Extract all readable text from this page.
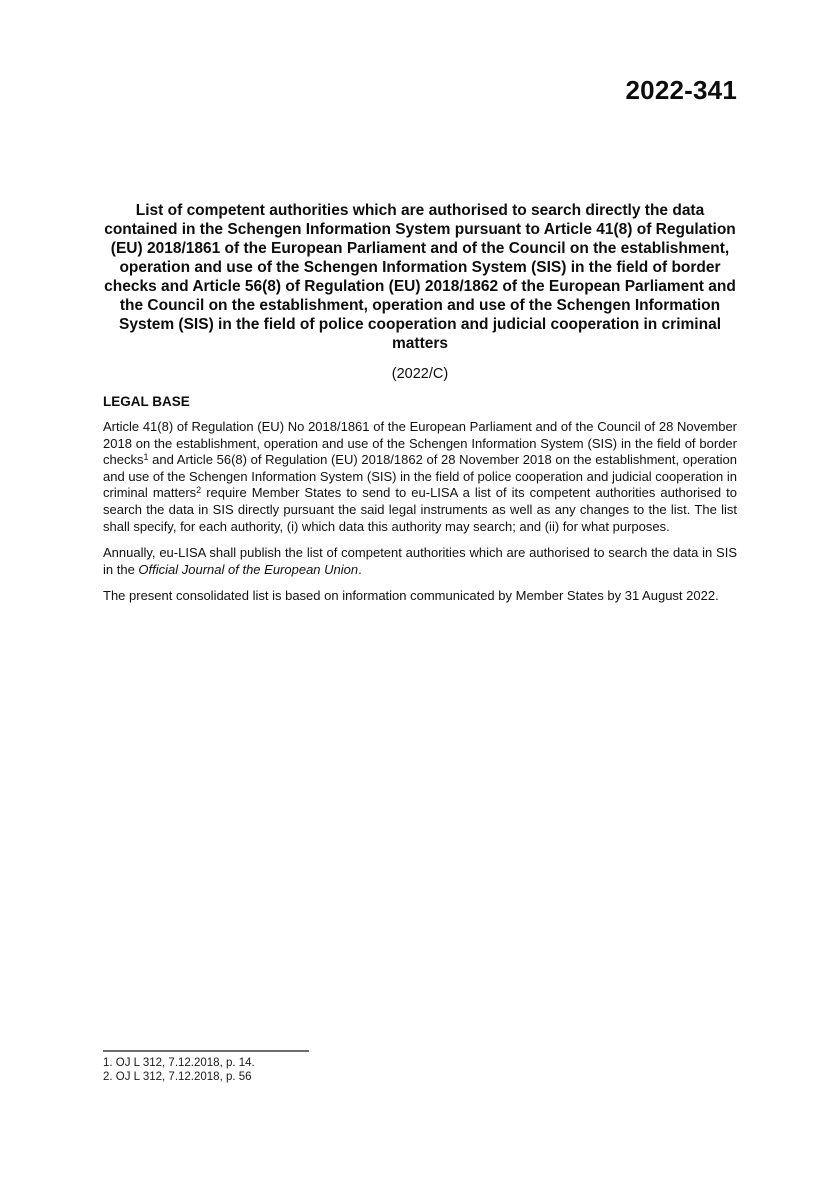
2022-341
List of competent authorities which are authorised to search directly the data contained in the Schengen Information System pursuant to Article 41(8) of Regulation (EU) 2018/1861 of the European Parliament and of the Council on the establishment, operation and use of the Schengen Information System (SIS) in the field of border checks and Article 56(8) of Regulation (EU) 2018/1862 of the European Parliament and the Council on the establishment, operation and use of the Schengen Information System (SIS) in the field of police cooperation and judicial cooperation in criminal matters
(2022/C)
LEGAL BASE

Article 41(8) of Regulation (EU) No 2018/1861 of the European Parliament and of the Council of 28 November 2018 on the establishment, operation and use of the Schengen Information System (SIS) in the field of border checks$^1$ and Article 56(8) of Regulation (EU) 2018/1862 of 28 November 2018 on the establishment, operation and use of the Schengen Information System (SIS) in the field of police cooperation and judicial cooperation in criminal matters$^2$ require Member States to send to eu-LISA a list of its competent authorities authorised to search the data in SIS directly pursuant the said legal instruments as well as any changes to the list. The list shall specify, for each authority, (i) which data this authority may search; and (ii) for what purposes.

Annually, eu-LISA shall publish the list of competent authorities which are authorised to search the data in SIS in the Official Journal of the European Union.

The present consolidated list is based on information communicated by Member States by 31 August 2022.

1. OJ L 312, 7.12.2018, p. 14.
2. OJ L 312, 7.12.2018, p. 56
